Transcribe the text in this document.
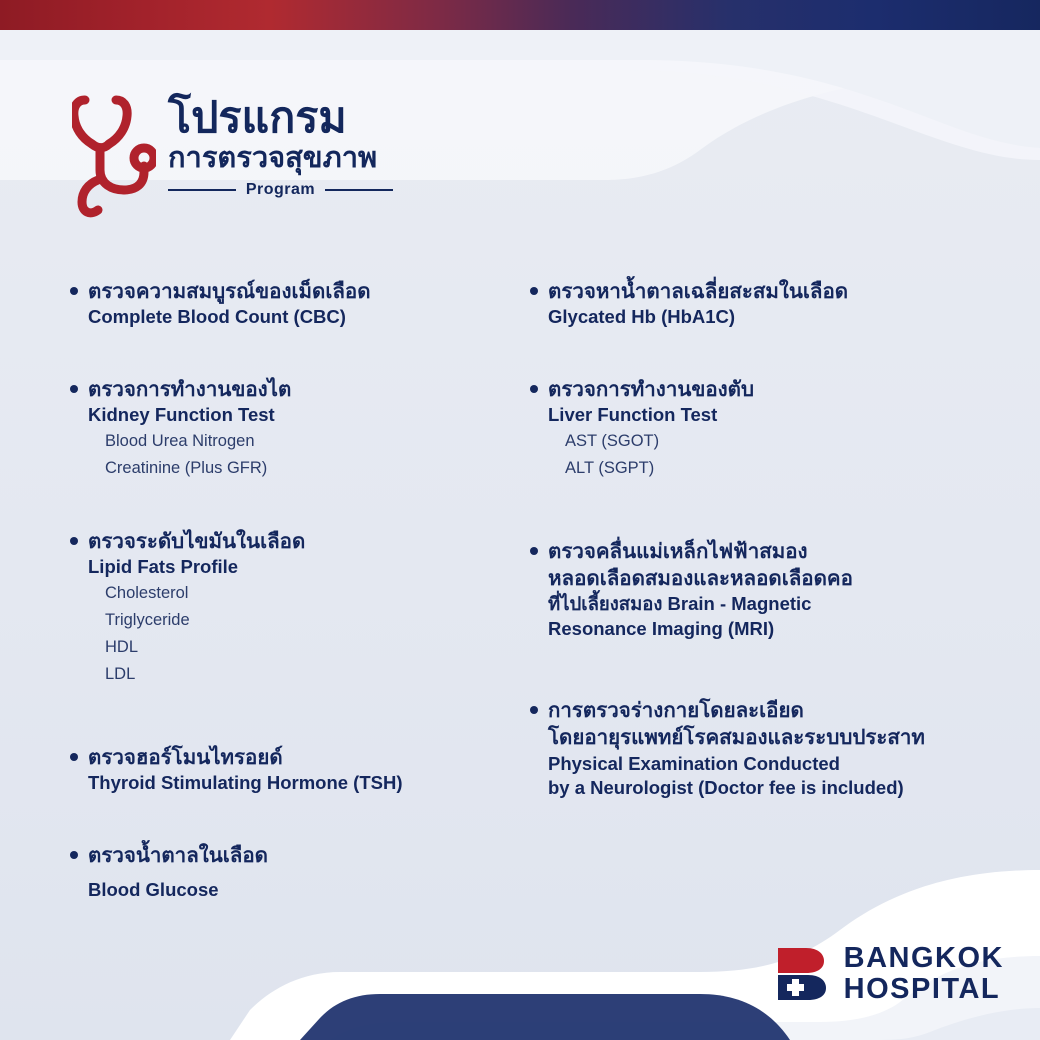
โปรแกรม
การตรวจสุขภาพ
Program
ตรวจความสมบูรณ์ของเม็ดเลือด
Complete Blood Count (CBC)
ตรวจการทำงานของไต
Kidney Function Test
Blood Urea Nitrogen
Creatinine (Plus GFR)
ตรวจระดับไขมันในเลือด
Lipid Fats Profile
Cholesterol
Triglyceride
HDL
LDL
ตรวจฮอร์โมนไทรอยด์
Thyroid Stimulating Hormone (TSH)
ตรวจน้ำตาลในเลือด
Blood Glucose
ตรวจหาน้ำตาลเฉลี่ยสะสมในเลือด
Glycated Hb (HbA1C)
ตรวจการทำงานของตับ
Liver Function Test
AST (SGOT)
ALT (SGPT)
ตรวจคลื่นแม่เหล็กไฟฟ้าสมอง
หลอดเลือดสมองและหลอดเลือดคอ
ที่ไปเลี้ยงสมอง Brain - Magnetic
Resonance Imaging (MRI)
การตรวจร่างกายโดยละเอียด
โดยอายุรแพทย์โรคสมองและระบบประสาท
Physical Examination Conducted
by a Neurologist (Doctor fee is included)
BANGKOK
HOSPITAL
